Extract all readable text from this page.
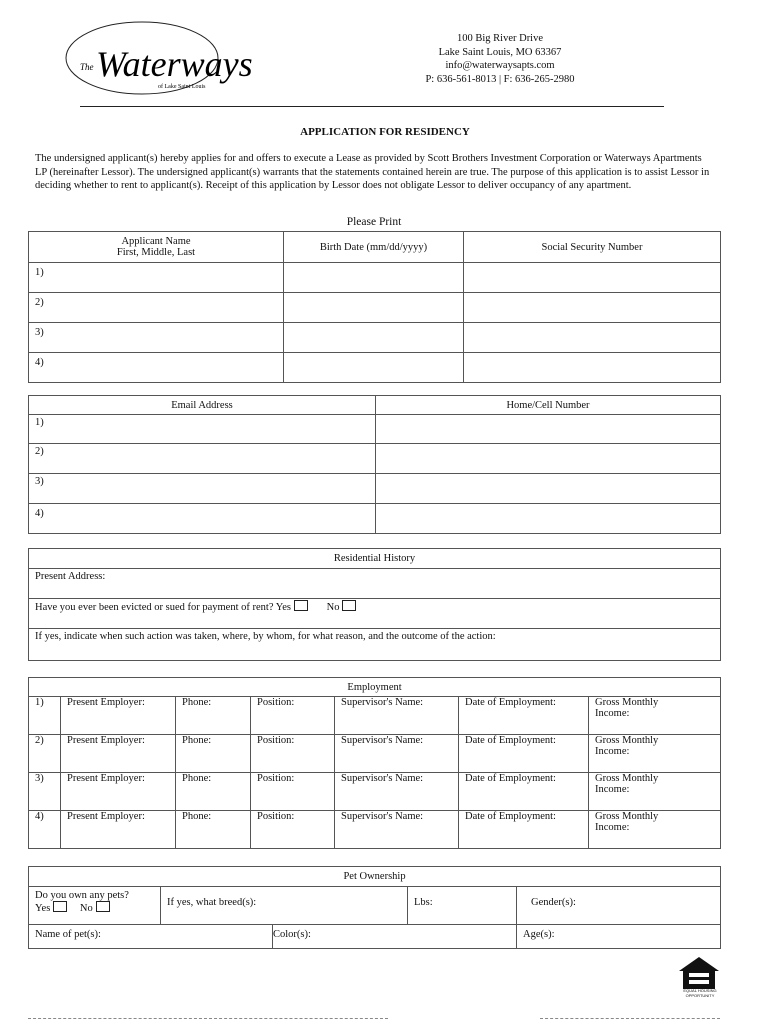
The Waterways
of Lake Saint Louis
100 Big River Drive
Lake Saint Louis, MO 63367
info@waterwaysapts.com
P: 636-561-8013 | F: 636-265-2980
APPLICATION FOR RESIDENCY
The undersigned applicant(s) hereby applies for and offers to execute a Lease as provided by Scott Brothers Investment Corporation or Waterways Apartments LP (hereinafter Lessor). The undersigned applicant(s) warrants that the statements contained herein are true. The purpose of this application is to assist Lessor in deciding whether to rent to applicant(s). Receipt of this application by Lessor does not obligate Lessor to deliver occupancy of any apartment.
Please Print
Applicant Name
First, Middle, Last	Birth Date (mm/dd/yyyy)	Social Security Number

1)		

2)		

3)		

4)		

Email Address	Home/Cell Number

1)	

2)	

3)	

4)	

Residential History

Present Address:

Have you ever been evicted or sued for payment of rent? Yes	No

If yes, indicate when such action was taken, where, by whom, for what reason, and the outcome of the action:
Employment						
1)	Present Employer:	Phone:	Position:	Supervisor's Name:	Date of Employment:	Gross Monthly
Income:

2)	Present Employer:	Phone:	Position:	Supervisor's Name:	Date of Employment:	Gross Monthly
Income:

3)	Present Employer:	Phone:	Position:	Supervisor's Name:	Date of Employment:	Gross Monthly
Income:

4)	Present Employer:	Phone:	Position:	Supervisor's Name:	Date of Employment:	Gross Monthly
Income:
Pet Ownership				

Do you own any pets?
Yes No	If yes, what breed(s):		Lbs:	Gender(s):

Name of pet(s):		Color(s):		Age(s):
EQUAL HOUSING OPPORTUNITY
